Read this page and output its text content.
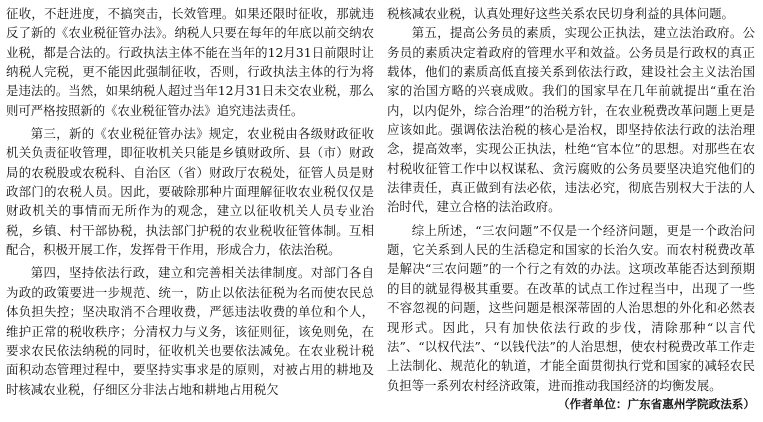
征收，不赶进度，不搞突击，长效管理。如果还限时征收，那就违反了新的《农业税征管办法》。纳税人只要在每年的年底以前交纳农业税，都是合法的。行政执法主体不能在当年的12月31日前限时让纳税人完税，更不能因此强制征收，否则，行政执法主体的行为将是违法的。当然，如果纳税人超过当年12月31日未交农业税，那么则可严格按照新的《农业税征管办法》追究违法责任。

第三，新的《农业税征管办法》规定，农业税由各级财政征收机关负责征收管理，即征收机关只能是乡镇财政所、县（市）财政局的农税股或农税科、自治区（省）财政厅农税处，征管人员是财政部门的农税人员。因此，要破除那种片面理解征收农业税仅仅是财政机关的事情而无所作为的观念，建立以征收机关人员专业治税，乡镇、村干部协税，执法部门护税的农业税收征管体制。互相配合，积极开展工作，发挥骨干作用，形成合力，依法治税。

第四，坚持依法行政，建立和完善相关法律制度。对部门各自为政的政策要进一步规范、统一，防止以依法征税为名而使农民总体负担失控；坚决取消不合理收费，严惩违法收费的单位和个人，维护正常的税收秩序；分清权力与义务，该征则征，该免则免，在要求农民依法纳税的同时，征收机关也要依法减免。在农业税计税面积动态管理过程中，要坚持实事求是的原则，对被占用的耕地及时核减农业税，仔细区分非法占地和耕地占用税欠

税核减农业税，认真处理好这些关系农民切身利益的具体问题。

第五，提高公务员的素质，实现公正执法，建立法治政府。公务员的素质决定着政府的管理水平和效益。公务员是行政权的真正载体，他们的素质高低直接关系到依法行政，建设社会主义法治国家的治国方略的兴衰成败。我们的国家早在几年前就提出“重在治内，以内促外，综合治理”的治税方针，在农业税费改革问题上更是应该如此。强调依法治税的核心是治权，即坚持依法行政的法治理念，提高效率，实现公正执法，杜绝“官本位”的思想。对那些在农村税收征管工作中以权谋私、贪污腐败的公务员要坚决追究他们的法律责任，真正做到有法必依，违法必究，彻底告别权大于法的人治时代，建立合格的法治政府。

综上所述，“三农问题”不仅是一个经济问题，更是一个政治问题，它关系到人民的生活稳定和国家的长治久安。而农村税费改革是解决“三农问题”的一个行之有效的办法。这项改革能否达到预期的目的就显得极其重要。在改革的试点工作过程当中，出现了一些不容忽视的问题，这些问题是根深蒂固的人治思想的外化和必然表现形式。因此，只有加快依法行政的步伐，清除那种“以言代法”、“以权代法”、“以钱代法”的人治思想，使农村税费改革工作走上法制化、规范化的轨道，才能全面贯彻执行党和国家的减轻农民负担等一系列农村经济政策，进而推动我国经济的均衡发展。

（作者单位：广东省惠州学院政法系）
